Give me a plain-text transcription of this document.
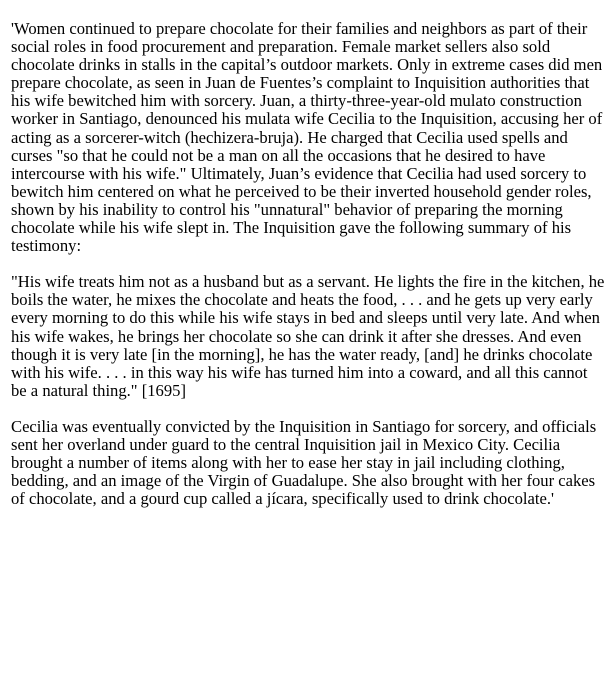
'Women continued to prepare chocolate for their families and neighbors as part of their social roles in food procurement and preparation. Female market sellers also sold chocolate drinks in stalls in the capital’s outdoor markets. Only in extreme cases did men prepare chocolate, as seen in Juan de Fuentes’s complaint to Inquisition authorities that his wife bewitched him with sorcery. Juan, a thirty-three-year-old mulato construction worker in Santiago, denounced his mulata wife Cecilia to the Inquisition, accusing her of acting as a sorcerer-witch (hechizera-bruja). He charged that Cecilia used spells and curses "so that he could not be a man on all the occasions that he desired to have intercourse with his wife." Ultimately, Juan’s evidence that Cecilia had used sorcery to bewitch him centered on what he perceived to be their inverted household gender roles, shown by his inability to control his "unnatural" behavior of preparing the morning chocolate while his wife slept in. The Inquisition gave the following summary of his testimony:

"His wife treats him not as a husband but as a servant. He lights the fire in the kitchen, he boils the water, he mixes the chocolate and heats the food, . . . and he gets up very early every morning to do this while his wife stays in bed and sleeps until very late. And when his wife wakes, he brings her chocolate so she can drink it after she dresses. And even though it is very late [in the morning], he has the water ready, [and] he drinks chocolate with his wife. . . . in this way his wife has turned him into a coward, and all this cannot be a natural thing." [1695]

Cecilia was eventually convicted by the Inquisition in Santiago for sorcery, and officials sent her overland under guard to the central Inquisition jail in Mexico City. Cecilia brought a number of items along with her to ease her stay in jail including clothing, bedding, and an image of the Virgin of Guadalupe. She also brought with her four cakes of chocolate, and a gourd cup called a jícara, specifically used to drink chocolate.'
